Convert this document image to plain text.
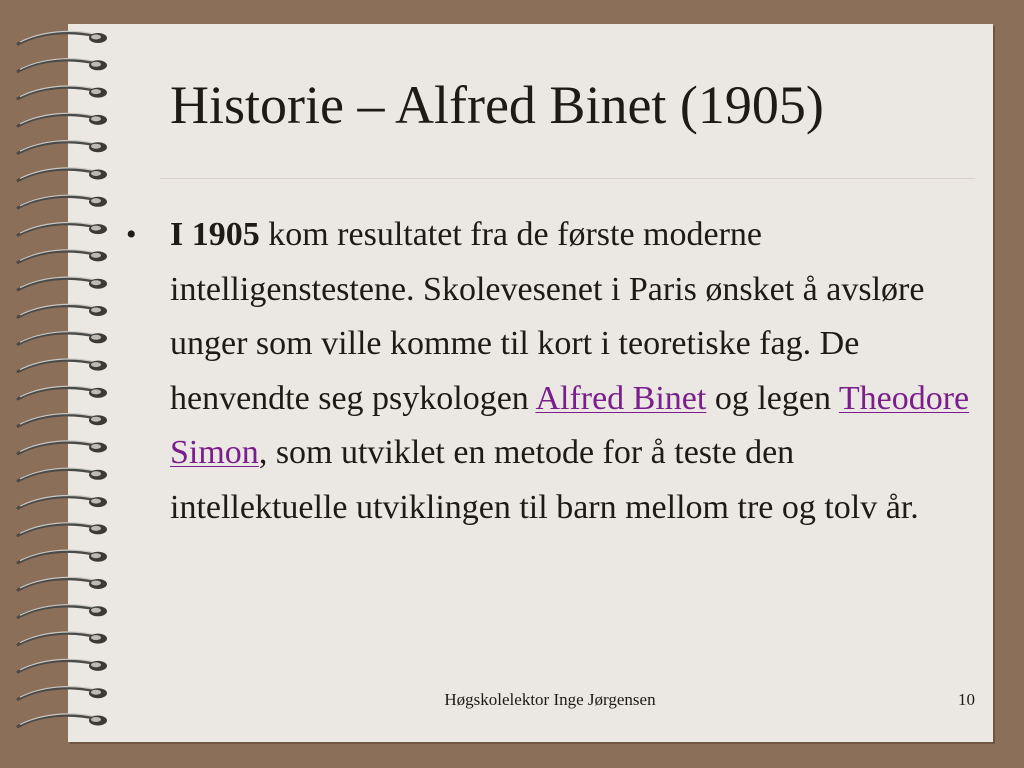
Historie – Alfred Binet (1905)
• I 1905 kom resultatet fra de første moderne intelligenstestene. Skolevesenet i Paris ønsket å avsløre unger som ville komme til kort i teoretiske fag. De henvendte seg psykologen Alfred Binet og legen Theodore Simon, som utviklet en metode for å teste den intellektuelle utviklingen til barn mellom tre og tolv år.
Høgskolelektor Inge Jørgensen	10
